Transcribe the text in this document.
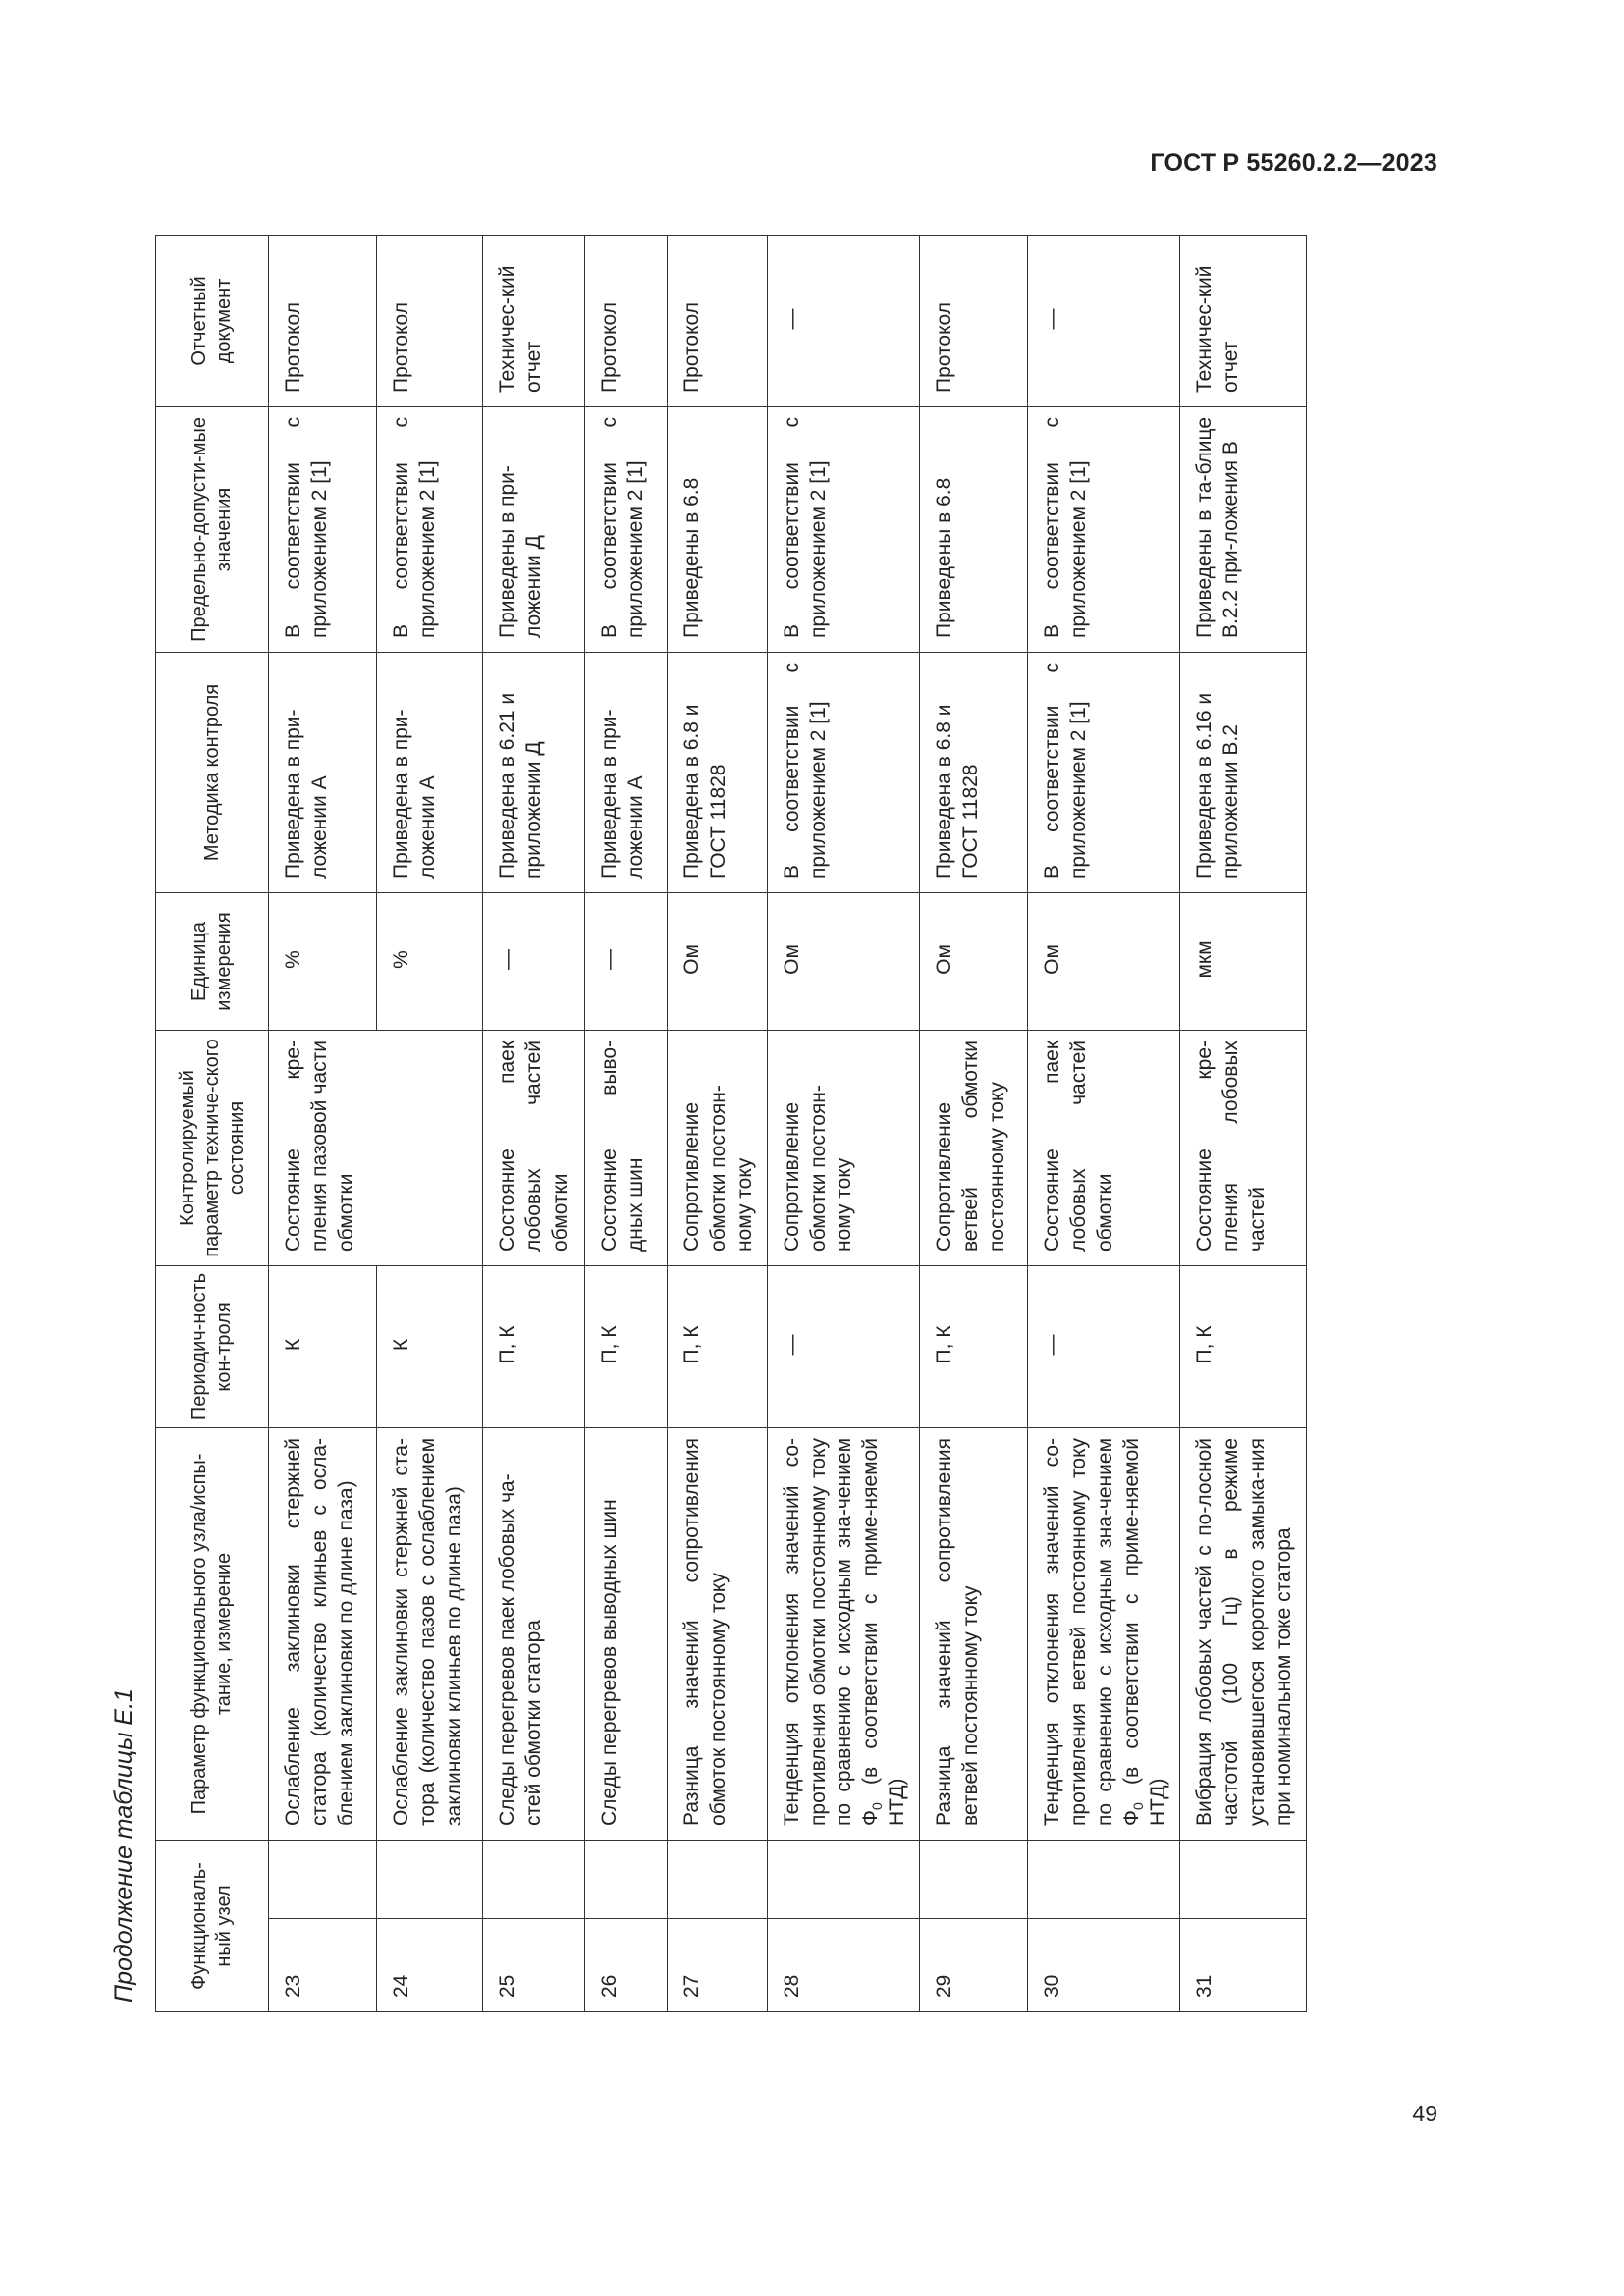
ГОСТ Р 55260.2.2—2023
Продолжение таблицы Е.1	Функциональ-ный узел		Параметр функционального узла/испы-тание, измерение	Периодич-ность кон-троля	Контролируемый параметр техниче-ского состояния	Единица измерения	Методика контроля	Предельно-допусти-мые значения	Отчетный документ
23		Ослабление заклиновки стержней статора (количество клиньев с осла-блением заклиновки по длине паза)	К	Состояние кре-пления пазовой части обмотки	%	Приведена в при-ложении А	В соответствии с приложением 2 [1]	Протокол
24		Ослабление заклиновки стержней ста-тора (количество пазов с ослаблением заклиновки клиньев по длине паза)	К		%	Приведена в при-ложении А	В соответствии с приложением 2 [1]	Протокол
25		Следы перегревов паек лобовых ча-стей обмотки статора	П, К	Состояние паек лобовых частей обмотки	—	Приведена в 6.21 и приложении Д	Приведены в при-ложении Д	Техничес-кий отчет
26		Следы перегревов выводных шин	П, К	Состояние выво-дных шин	—	Приведена в при-ложении А	В соответствии с приложением 2 [1]	Протокол
27		Разница значений сопротивления обмоток постоянному току	П, К	Сопротивление обмотки постоян-ному току	Ом	Приведена в 6.8 и ГОСТ 11828	Приведены в 6.8	Протокол
28		Тенденция отклонения значений со-противления обмотки постоянному току по сравнению с исходным зна-чением $Ф_0$ (в соответствии с приме-няемой НТД)	—	Сопротивление обмотки постоян-ному току	Ом	В соответствии с приложением 2 [1]	В соответствии с приложением 2 [1]	—
29		Разница значений сопротивления ветвей постоянному току	П, К	Сопротивление ветвей обмотки постоянному току	Ом	Приведена в 6.8 и ГОСТ 11828	Приведены в 6.8	Протокол
30		Тенденция отклонения значений со-противления ветвей постоянному току по сравнению с исходным зна-чением $Ф_0$ (в соответствии с приме-няемой НТД)	—	Состояние паек лобовых частей обмотки	Ом	В соответствии с приложением 2 [1]	В соответствии с приложением 2 [1]	—
31		Вибрация лобовых частей с по-лосной частотой (100 Гц) в режиме установившегося короткого замыка-ния при номинальном токе статора	П, К	Состояние кре-пления лобовых частей	мкм	Приведена в 6.16 и приложении В.2	Приведены в та-блице В.2.2 при-ложения В	Техничес-кий отчет
49
